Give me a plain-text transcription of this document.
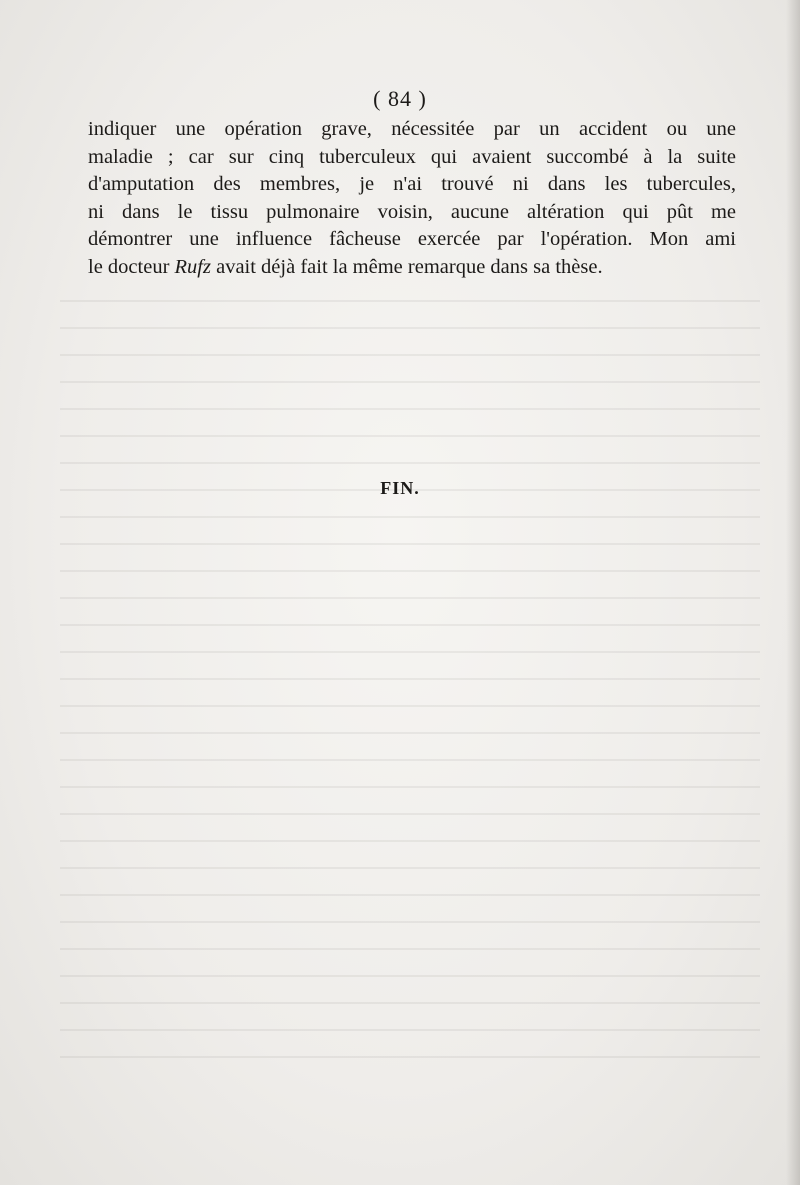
( 84 )
indiquer une opération grave, nécessitée par un accident ou une
maladie ; car sur cinq tuberculeux qui avaient succombé à la suite
d'amputation des membres, je n'ai trouvé ni dans les tubercules,
ni dans le tissu pulmonaire voisin, aucune altération qui pût me
démontrer une influence fâcheuse exercée par l'opération. Mon ami
le docteur Rufz avait déjà fait la même remarque dans sa thèse.
FIN.
